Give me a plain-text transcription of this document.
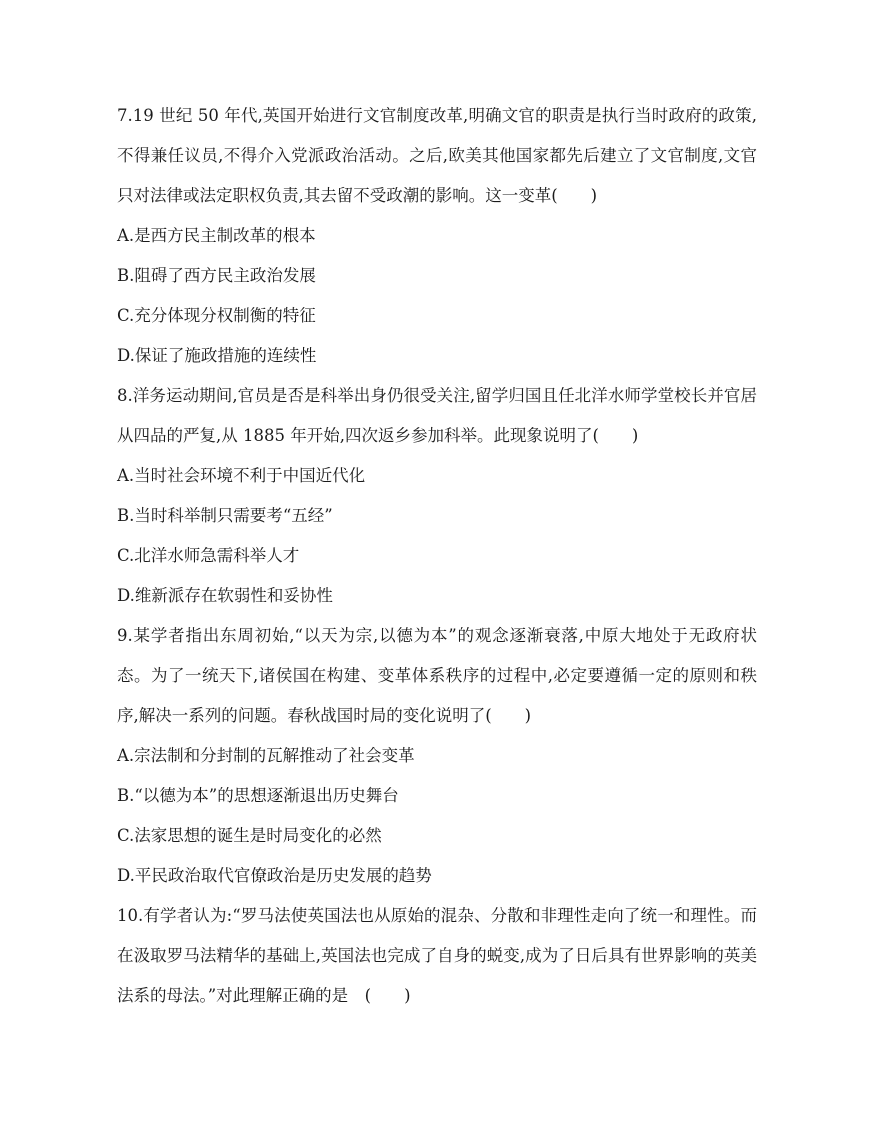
7.19 世纪 50 年代,英国开始进行文官制度改革,明确文官的职责是执行当时政府的政策,不得兼任议员,不得介入党派政治活动。之后,欧美其他国家都先后建立了文官制度,文官只对法律或法定职权负责,其去留不受政潮的影响。这一变革(　　)

A.是西方民主制改革的根本

B.阻碍了西方民主政治发展

C.充分体现分权制衡的特征

D.保证了施政措施的连续性

8.洋务运动期间,官员是否是科举出身仍很受关注,留学归国且任北洋水师学堂校长并官居从四品的严复,从 1885 年开始,四次返乡参加科举。此现象说明了(　　)

A.当时社会环境不利于中国近代化

B.当时科举制只需要考“五经”

C.北洋水师急需科举人才

D.维新派存在软弱性和妥协性

9.某学者指出东周初始,“以天为宗,以德为本”的观念逐渐衰落,中原大地处于无政府状态。为了一统天下,诸侯国在构建、变革体系秩序的过程中,必定要遵循一定的原则和秩序,解决一系列的问题。春秋战国时局的变化说明了(　　)

A.宗法制和分封制的瓦解推动了社会变革

B.“以德为本”的思想逐渐退出历史舞台

C.法家思想的诞生是时局变化的必然

D.平民政治取代官僚政治是历史发展的趋势

10.有学者认为:“罗马法使英国法也从原始的混杂、分散和非理性走向了统一和理性。而在汲取罗马法精华的基础上,英国法也完成了自身的蜕变,成为了日后具有世界影响的英美法系的母法。”对此理解正确的是　(　　)
